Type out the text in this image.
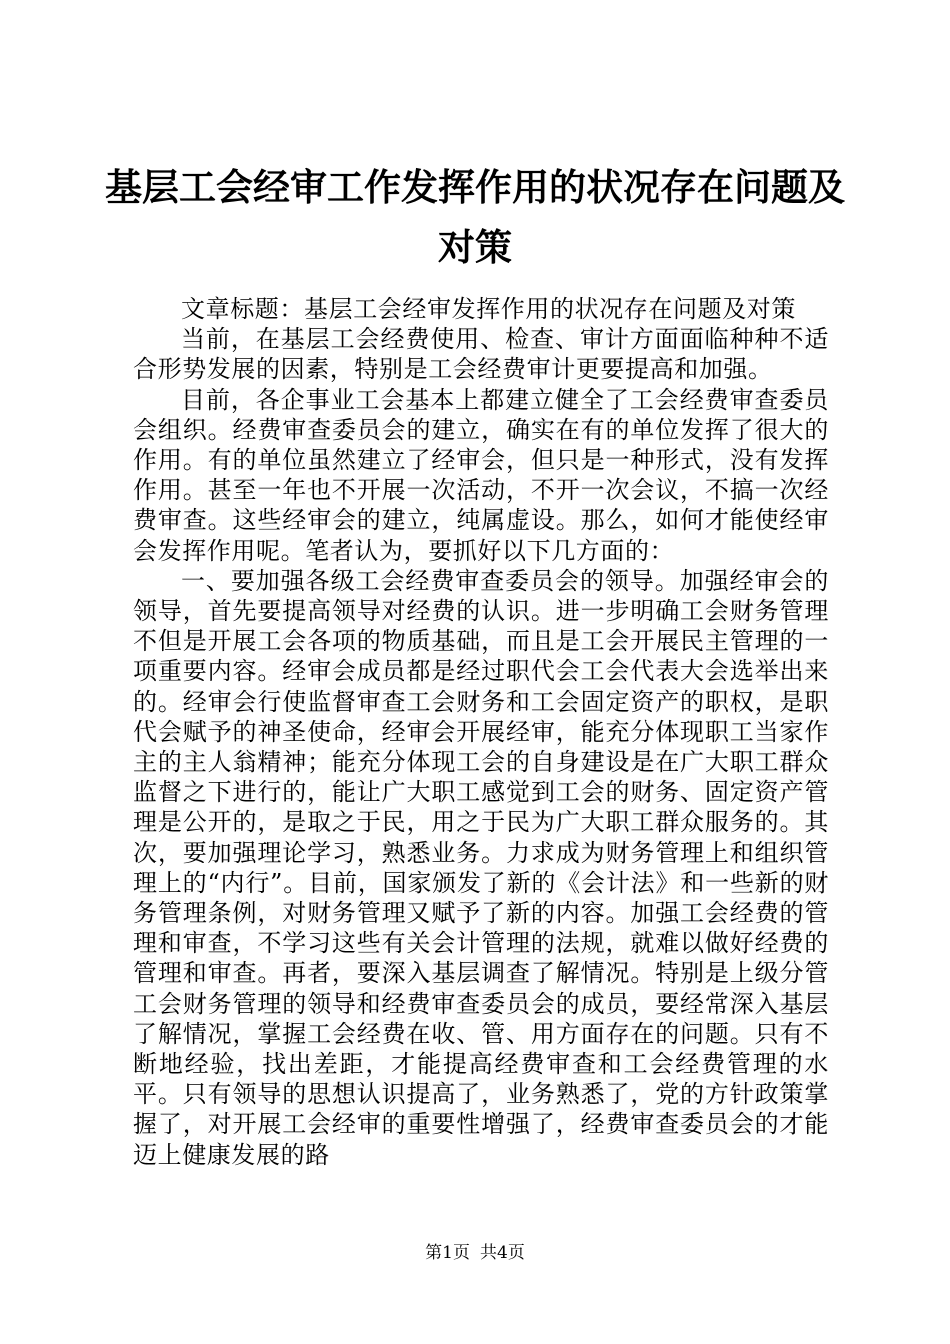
基层工会经审工作发挥作用的状况存在问题及对策

文章标题：基层工会经审发挥作用的状况存在问题及对策

当前，在基层工会经费使用、检查、审计方面面临种种不适合形势发展的因素，特别是工会经费审计更要提高和加强。

目前，各企事业工会基本上都建立健全了工会经费审查委员会组织。经费审查委员会的建立，确实在有的单位发挥了很大的作用。有的单位虽然建立了经审会，但只是一种形式，没有发挥作用。甚至一年也不开展一次活动，不开一次会议，不搞一次经费审查。这些经审会的建立，纯属虚设。那么，如何才能使经审会发挥作用呢。笔者认为，要抓好以下几方面的：

一、要加强各级工会经费审查委员会的领导。加强经审会的领导，首先要提高领导对经费的认识。进一步明确工会财务管理不但是开展工会各项的物质基础，而且是工会开展民主管理的一项重要内容。经审会成员都是经过职代会工会代表大会选举出来的。经审会行使监督审查工会财务和工会固定资产的职权，是职代会赋予的神圣使命，经审会开展经审，能充分体现职工当家作主的主人翁精神；能充分体现工会的自身建设是在广大职工群众监督之下进行的，能让广大职工感觉到工会的财务、固定资产管理是公开的，是取之于民，用之于民为广大职工群众服务的。其次，要加强理论学习，熟悉业务。力求成为财务管理上和组织管理上的“内行”。目前，国家颁发了新的《会计法》和一些新的财务管理条例，对财务管理又赋予了新的内容。加强工会经费的管理和审查，不学习这些有关会计管理的法规，就难以做好经费的管理和审查。再者，要深入基层调查了解情况。特别是上级分管工会财务管理的领导和经费审查委员会的成员，要经常深入基层了解情况，掌握工会经费在收、管、用方面存在的问题。只有不断地经验，找出差距，才能提高经费审查和工会经费管理的水平。只有领导的思想认识提高了，业务熟悉了，党的方针政策掌握了，对开展工会经审的重要性增强了，经费审查委员会的才能迈上健康发展的路

第1页 共4页
